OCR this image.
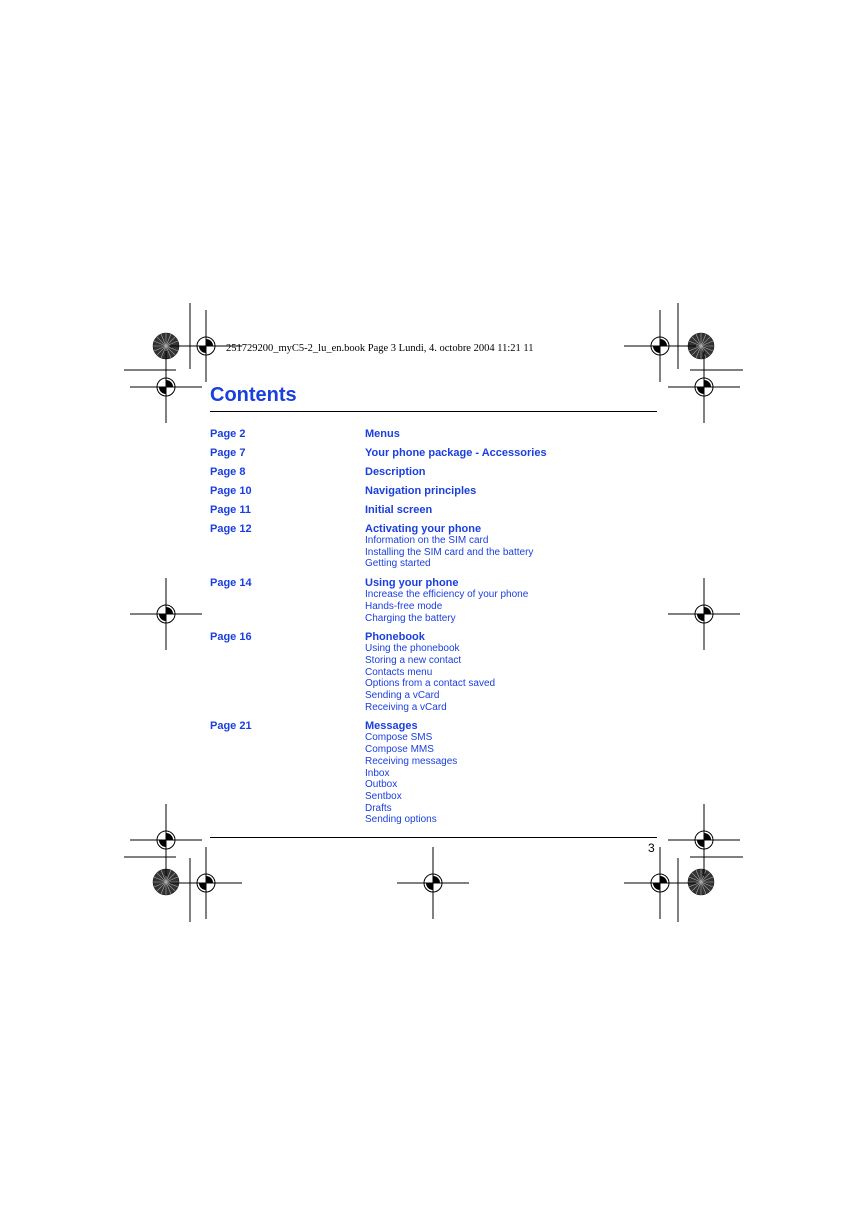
251729200_myC5-2_lu_en.book Page 3 Lundi, 4. octobre 2004 11:21 11
Contents
Page 2	Menus
Page 7	Your phone package - Accessories
Page 8	Description
Page 10	Navigation principles
Page 11	Initial screen
Page 12	Activating your phone
Information on the SIM card
Installing the SIM card and the battery
Getting started
Page 14	Using your phone
Increase the efficiency of your phone
Hands-free mode
Charging the battery
Page 16	Phonebook
Using the phonebook
Storing a new contact
Contacts menu
Options from a contact saved
Sending a vCard
Receiving a vCard
Page 21	Messages
Compose SMS
Compose MMS
Receiving messages
Inbox
Outbox
Sentbox
Drafts
Sending options
3
